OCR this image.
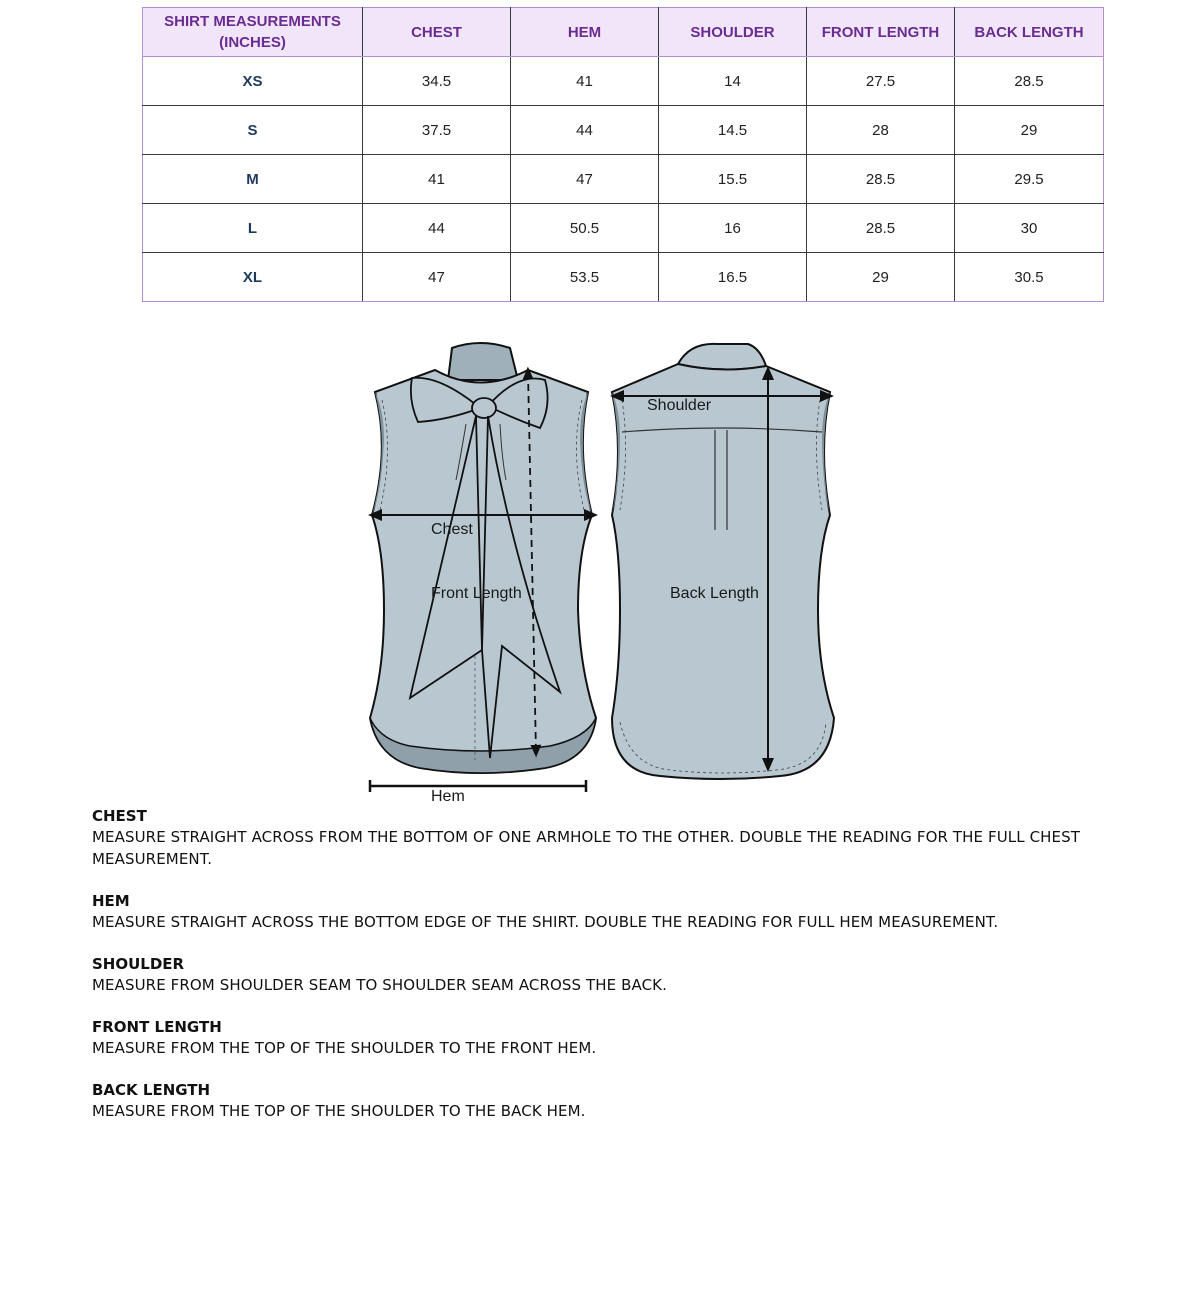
SHIRT MEASUREMENTS (INCHES)	CHEST	HEM	SHOULDER	FRONT LENGTH	BACK LENGTH
XS	34.5	41	14	27.5	28.5
S	37.5	44	14.5	28	29
M	41	47	15.5	28.5	29.5
L	44	50.5	16	28.5	30
XL	47	53.5	16.5	29	30.5
Shoulder
Chest
Front Length	Back Length
Hem
CHEST

MEASURE STRAIGHT ACROSS FROM THE BOTTOM OF ONE ARMHOLE TO THE OTHER. DOUBLE THE READING FOR THE FULL CHEST MEASUREMENT.

HEM

MEASURE STRAIGHT ACROSS THE BOTTOM EDGE OF THE SHIRT. DOUBLE THE READING FOR FULL HEM MEASUREMENT.

SHOULDER

MEASURE FROM SHOULDER SEAM TO SHOULDER SEAM ACROSS THE BACK.

FRONT LENGTH

MEASURE FROM THE TOP OF THE SHOULDER TO THE FRONT HEM.

BACK LENGTH

MEASURE FROM THE TOP OF THE SHOULDER TO THE BACK HEM.
